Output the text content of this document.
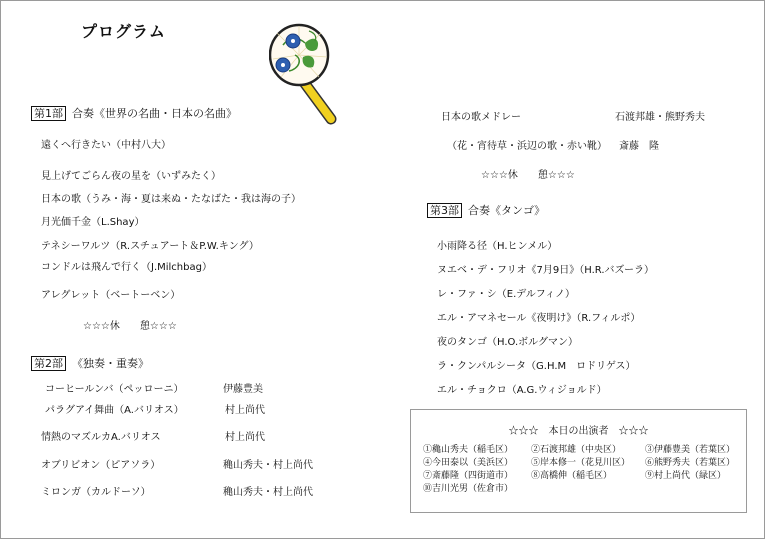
プログラム
第1部 合奏《世界の名曲・日本の名曲》
遠くへ行きたい（中村八大）
見上げてごらん夜の星を（いずみたく）
日本の歌（うみ・海・夏は来ぬ・たなばた・我は海の子）
月光価千金（L.Shay）
テネシーワルツ（R.スチュアート＆P.W.キング）
コンドルは飛んで行く（J.Milchbag）
アレグレット（ベートーベン）
☆☆☆休　　憩☆☆☆
第2部 《独奏・重奏》
コーヒールンバ（ペッローニ）	伊藤豊美
パラグアイ舞曲（A.バリオス）	村上尚代
情熱のマズルカA.バリオス	村上尚代
オブリビオン（ピアソラ）	穐山秀夫・村上尚代
ミロンガ（カルドーソ）	穐山秀夫・村上尚代
日本の歌メドレー	石渡邦雄・熊野秀夫
（花・宵待草・浜辺の歌・赤い靴） 斎藤　隆
☆☆☆休　　憩☆☆☆
第3部 合奏《タンゴ》
小雨降る径（H.ヒンメル）
ヌエベ・デ・フリオ《7月9日》（H.R.バズーラ）
レ・ファ・シ（E.デルフィノ）
エル・アマネセール《夜明け》（R.フィルポ）
夜のタンゴ（H.O.ボルグマン）
ラ・クンパルシータ（G.H.M　ロドリゲス）
エル・チョクロ（A.G.ウィジョルド）
☆☆☆　本日の出演者　☆☆☆
①穐山秀夫（稲毛区）	②石渡邦雄（中央区）	③伊藤豊美（若葉区）
④今田泰以（美浜区）	⑤岸本修一（花見川区）	⑥熊野秀夫（若葉区）
⑦斎藤隆（四街道市）	⑧高橋伸（稲毛区）	⑨村上尚代（緑区）
⑩吉川光男（佐倉市）
